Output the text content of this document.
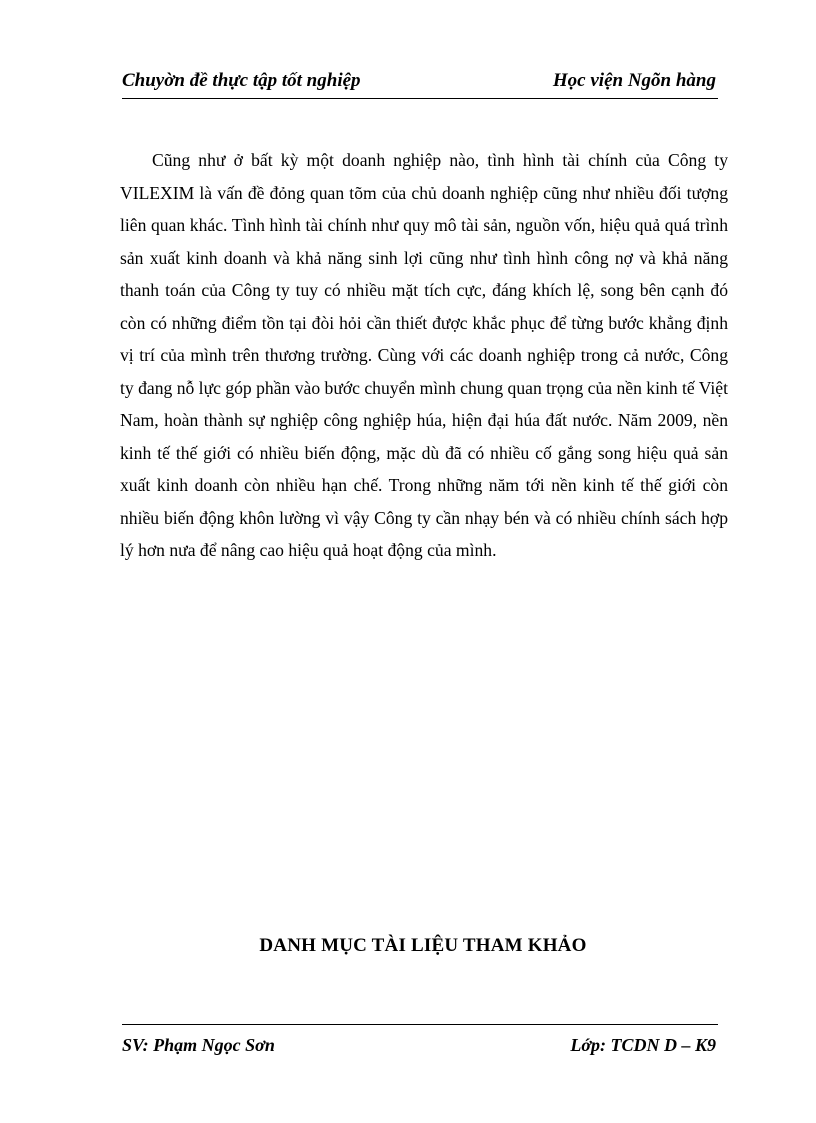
Chuyờn đề thực tập tốt nghiệp	Học viện Ngõn hàng

Cũng như ở bất kỳ một doanh nghiệp nào, tình hình tài chính của Công ty VILEXIM là vấn đề đỏng quan tõm của chủ doanh nghiệp cũng như nhiều đối tượng liên quan khác. Tình hình tài chính như quy mô tài sản, nguồn vốn, hiệu quả quá trình sản xuất kinh doanh và khả năng sinh lợi cũng như tình hình công nợ và khả năng thanh toán của Công ty tuy có nhiều mặt tích cực, đáng khích lệ, song bên cạnh đó còn có những điểm tồn tại đòi hỏi cần thiết được khắc phục để từng bước khẳng định vị trí của mình trên thương trường. Cùng với các doanh nghiệp trong cả nước, Công ty đang nỗ lực góp phần vào bước chuyển mình chung quan trọng của nền kinh tế Việt Nam, hoàn thành sự nghiệp công nghiệp húa, hiện đại húa đất nước. Năm 2009, nền kinh tế thế giới có nhiều biến động, mặc dù đã có nhiều cố gắng song hiệu quả sản xuất kinh doanh còn nhiều hạn chế. Trong những năm tới nền kinh tế thế giới còn nhiều biến động khôn lường vì vậy Công ty cần nhạy bén và có nhiều chính sách hợp lý hơn nưa để nâng cao hiệu quả hoạt động của mình.

DANH MỤC TÀI LIỆU THAM KHẢO
SV: Phạm Ngọc Sơn	Lớp: TCDN D – K9
